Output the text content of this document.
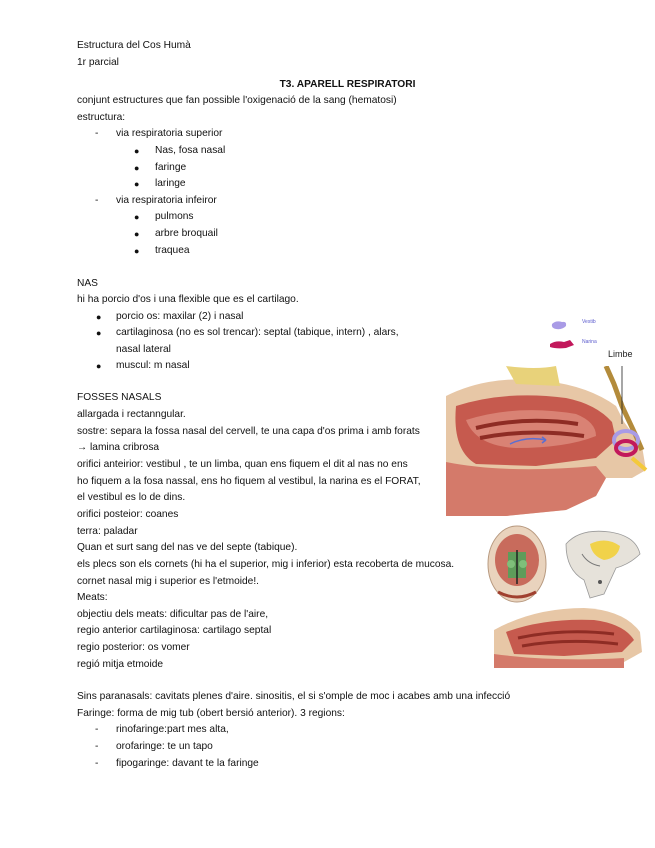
Estructura del Cos Humà
1r parcial
T3. APARELL RESPIRATORI
conjunt estructures que fan possible l'oxigenació de la sang (hematosi)
estructura:
- via respiratoria superior
● Nas, fosa nasal
● faringe
● laringe
- via respiratoria infeiror
● pulmons
● arbre broquail
● traquea
NAS
hi ha porcio d'os i una flexible que es el cartilago.
● porcio os: maxilar (2) i nasal
● cartilaginosa (no es sol trencar): septal (tabique, intern) , alars,
nasal lateral
● muscul: m nasal
FOSSES NASALS
allargada i rectanngular.
sostre: separa la fossa nasal del cervell, te una capa d'os prima i amb forats
→ lamina cribrosa
orifici anteirior: vestibul , te un limba, quan ens fiquem el dit al nas no ens
ho fiquem a la fosa nassal, ens ho fiquem al vestibul, la narina es el FORAT,
el vestibul es lo de dins.
orifici posteior: coanes
terra: paladar
Quan et surt sang del nas ve del septe (tabique).
els plecs son els cornets (hi ha el superior, mig i inferior) esta recoberta de mucosa.
cornet nasal mig i superior es l'etmoide!.
Meats:
objectiu dels meats: dificultar pas de l'aire,
regio anterior cartilaginosa: cartilago septal
regio posterior: os vomer
regió mitja etmoide
Sins paranasals: cavitats plenes d'aire. sinositis, el si s'omple de moc i acabes amb una infecció
Faringe: forma de mig tub (obert bersió anterior). 3 regions:
- rinofaringe:part mes alta,
- orofaringe: te un tapo
- fipogaringe: davant te la faringe
Vestib
Narina
Limbe
